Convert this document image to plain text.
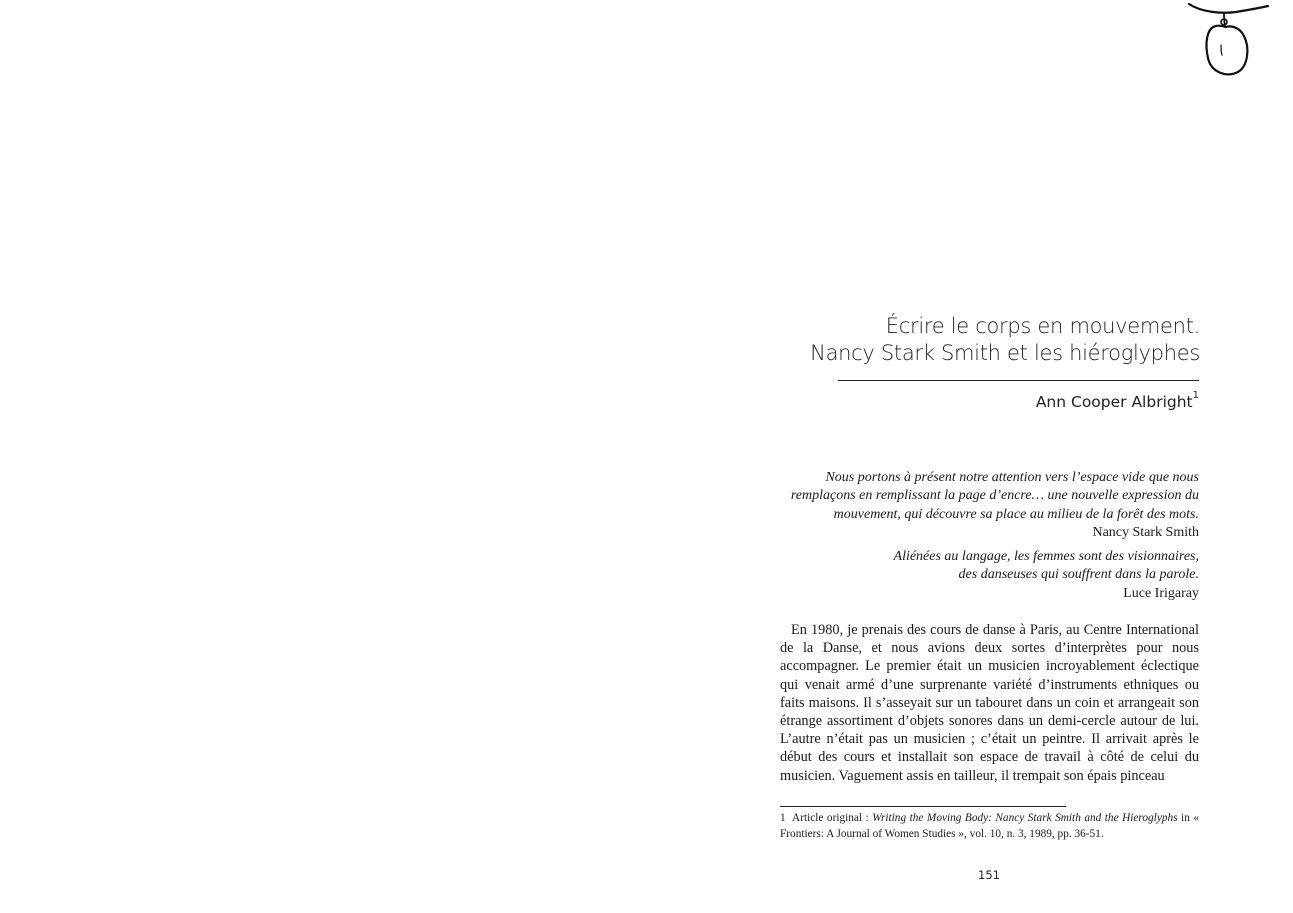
Écrire le corps en mouvement.
Nancy Stark Smith et les hiéroglyphes
Ann Cooper Albright$^1$
Nous portons à présent notre attention vers l’espace vide que nous
remplaçons en remplissant la page d’encre… une nouvelle expression du
mouvement, qui découvre sa place au milieu de la forêt des mots.
Nancy Stark Smith
Aliénées au langage, les femmes sont des visionnaires,
des danseuses qui souffrent dans la parole.
Luce Irigaray

En 1980, je prenais des cours de danse à Paris, au Centre International de la Danse, et nous avions deux sortes d’interprètes pour nous accompagner. Le premier était un musicien incroyablement éclectique qui venait armé d’une surprenante variété d’instruments ethniques ou faits maisons. Il s’asseyait sur un tabouret dans un coin et arrangeait son étrange assortiment d’objets sonores dans un demi-cercle autour de lui. L’autre n’était pas un musicien ; c’était un peintre. Il arrivait après le début des cours et installait son espace de travail à côté de celui du musicien. Vaguement assis en tailleur, il trempait son épais pinceau

1 Article original : Writing the Moving Body: Nancy Stark Smith and the Hieroglyphs in « Frontiers: A Journal of Women Studies », vol. 10, n. 3, 1989, pp. 36-51.

151
